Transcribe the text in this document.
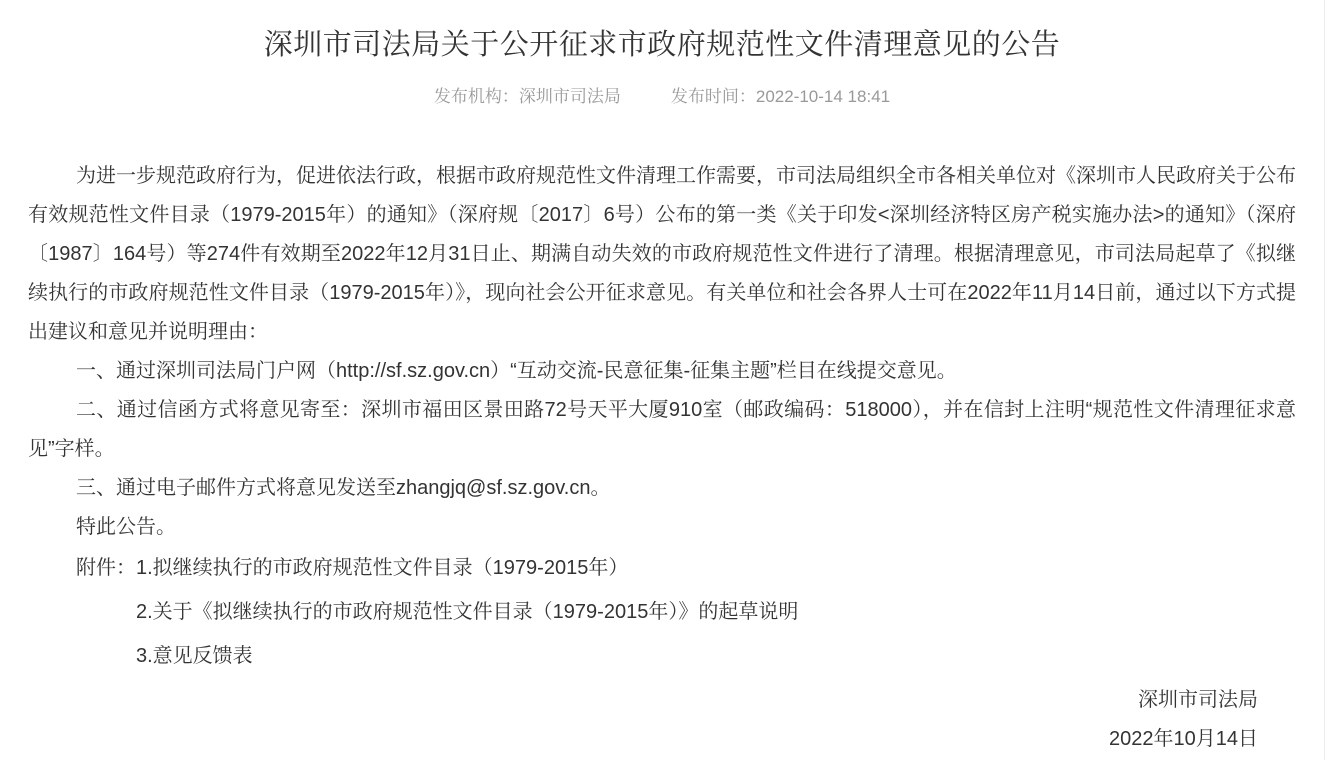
深圳市司法局关于公开征求市政府规范性文件清理意见的公告
发布机构：深圳市司法局	发布时间：2022-10-14 18:41

为进一步规范政府行为，促进依法行政，根据市政府规范性文件清理工作需要，市司法局组织全市各相关单位对《深圳市人民政府关于公布有效规范性文件目录（1979-2015年）的通知》（深府规〔2017〕6号）公布的第一类《关于印发<深圳经济特区房产税实施办法>的通知》（深府〔1987〕164号）等274件有效期至2022年12月31日止、期满自动失效的市政府规范性文件进行了清理。根据清理意见，市司法局起草了《拟继续执行的市政府规范性文件目录（1979-2015年）》，现向社会公开征求意见。有关单位和社会各界人士可在2022年11月14日前，通过以下方式提出建议和意见并说明理由：

一、通过深圳司法局门户网（http://sf.sz.gov.cn）“互动交流-民意征集-征集主题”栏目在线提交意见。

二、通过信函方式将意见寄至：深圳市福田区景田路72号天平大厦910室（邮政编码：518000），并在信封上注明“规范性文件清理征求意见”字样。

三、通过电子邮件方式将意见发送至zhangjq@sf.sz.gov.cn。

特此公告。

附件： 1.拟继续执行的市政府规范性文件目录（1979-2015年）
2.关于《拟继续执行的市政府规范性文件目录（1979-2015年）》的起草说明
3.意见反馈表
深圳市司法局
2022年10月14日
